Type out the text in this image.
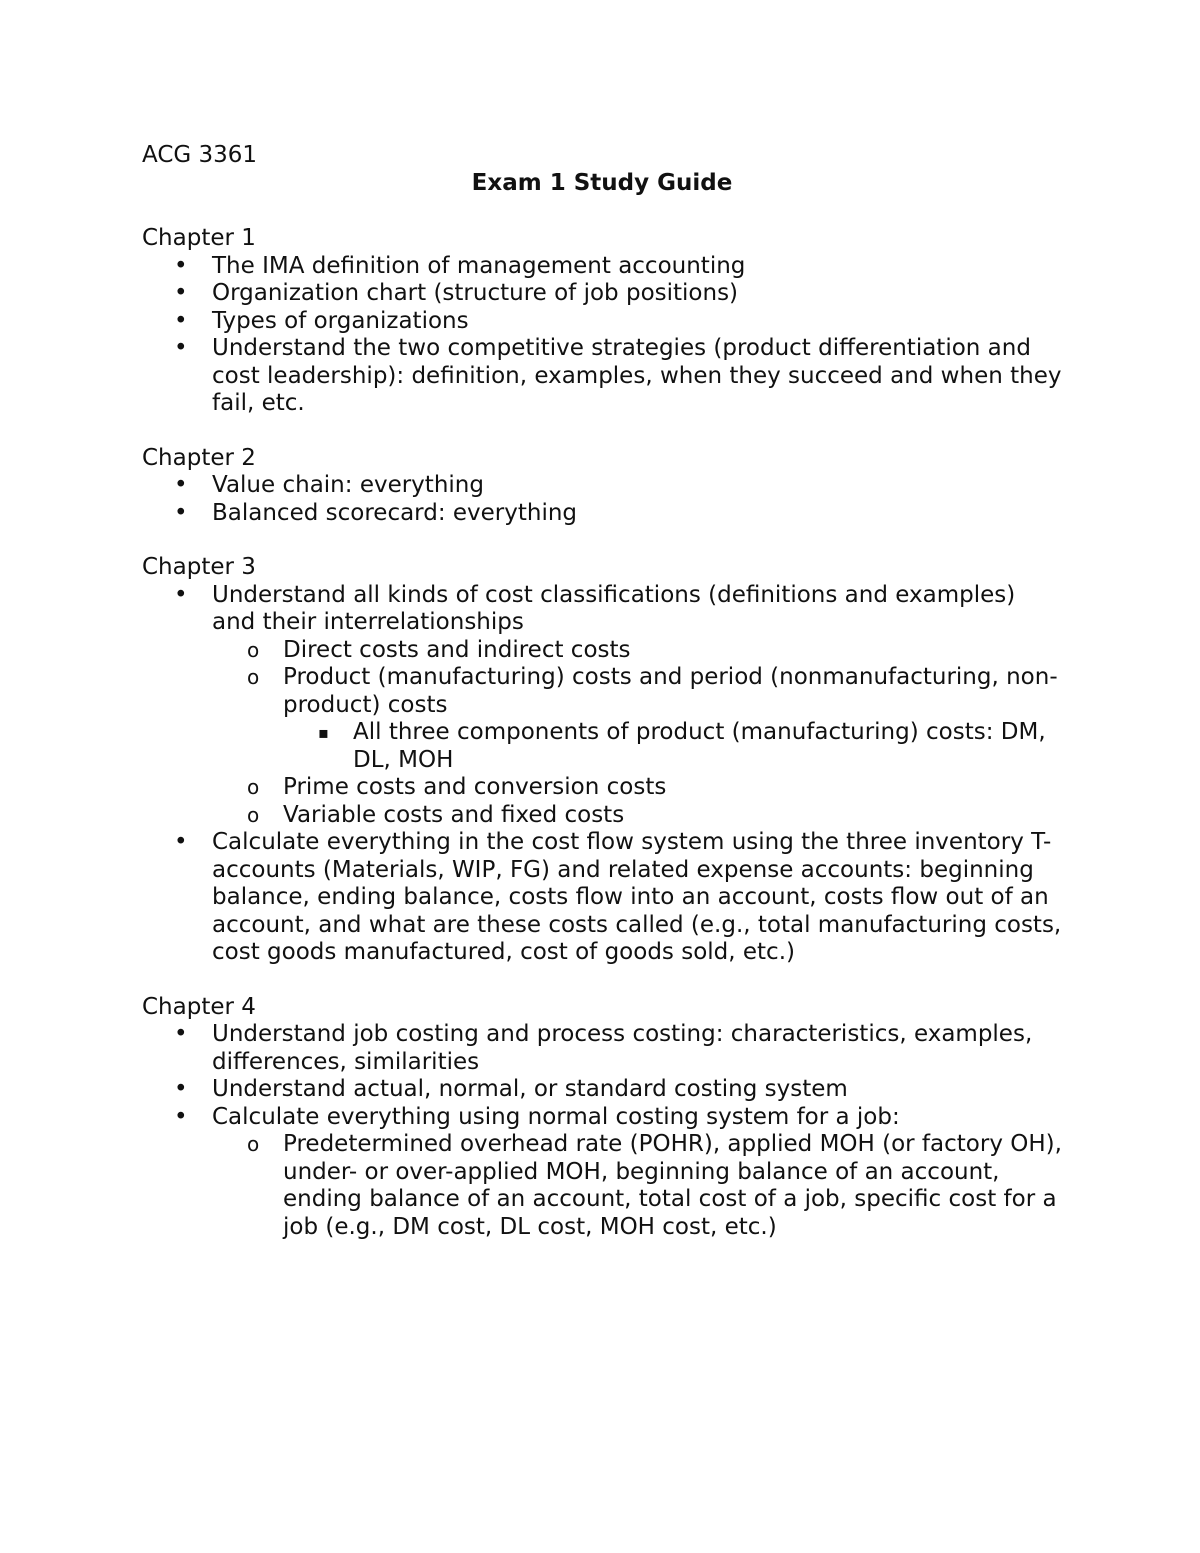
ACG 3361

Exam 1 Study Guide

Chapter 1

• The IMA definition of management accounting
• Organization chart (structure of job positions)
• Types of organizations
• Understand the two competitive strategies (product differentiation and cost leadership): definition, examples, when they succeed and when they fail, etc.

Chapter 2

• Value chain: everything
• Balanced scorecard: everything

Chapter 3

• Understand all kinds of cost classifications (definitions and examples) and their interrelationships
o Direct costs and indirect costs
o Product (manufacturing) costs and period (nonmanufacturing, non-product) costs
▪ All three components of product (manufacturing) costs: DM, DL, MOH
o Prime costs and conversion costs
o Variable costs and fixed costs
• Calculate everything in the cost flow system using the three inventory T-accounts (Materials, WIP, FG) and related expense accounts: beginning balance, ending balance, costs flow into an account, costs flow out of an account, and what are these costs called (e.g., total manufacturing costs, cost goods manufactured, cost of goods sold, etc.)

Chapter 4

• Understand job costing and process costing: characteristics, examples, differences, similarities
• Understand actual, normal, or standard costing system
• Calculate everything using normal costing system for a job:
o Predetermined overhead rate (POHR), applied MOH (or factory OH), under- or over-applied MOH, beginning balance of an account, ending balance of an account, total cost of a job, specific cost for a job (e.g., DM cost, DL cost, MOH cost, etc.)
